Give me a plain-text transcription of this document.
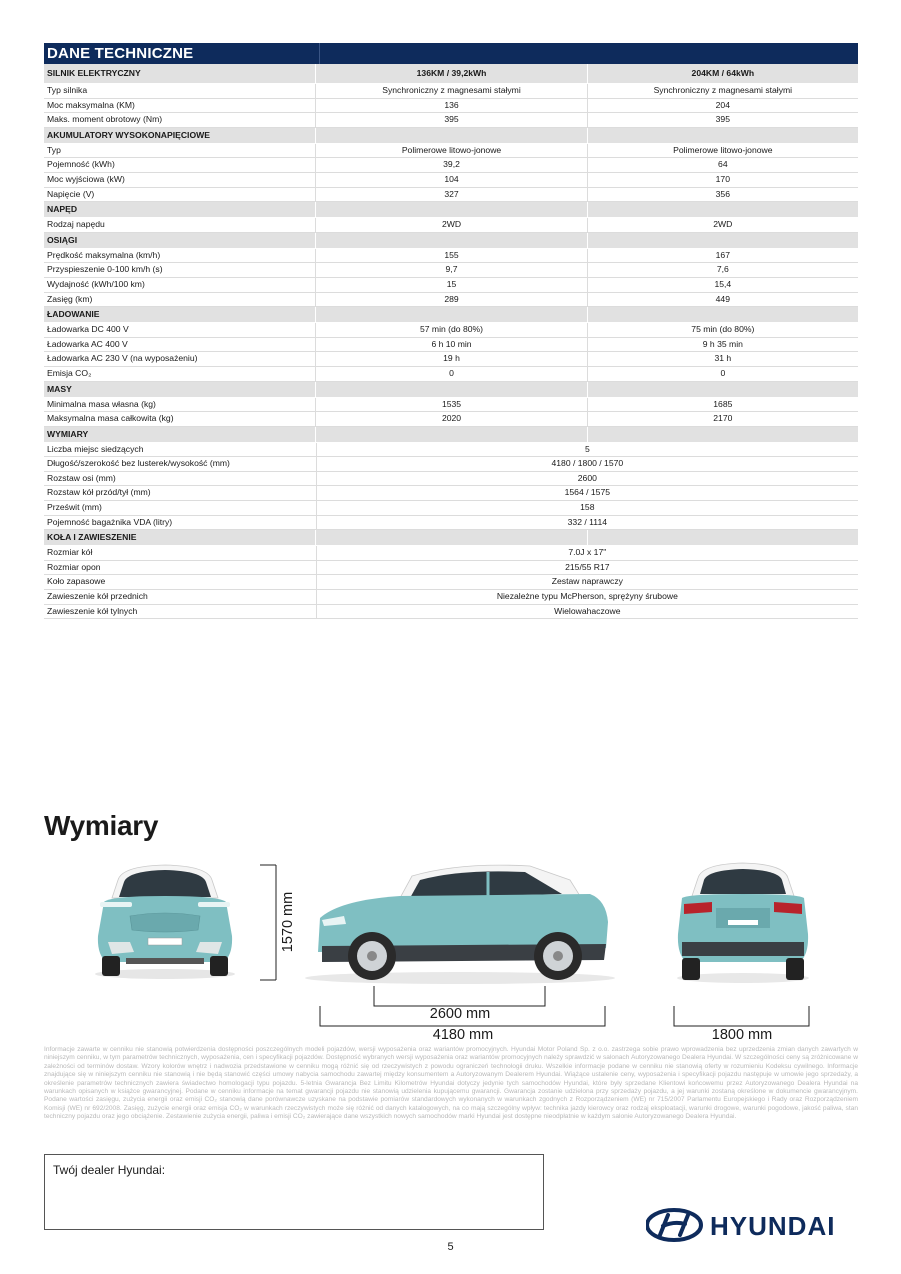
DANE TECHNICZNE
SILNIK ELEKTRYCZNY	136KM / 39,2kWh	204KM / 64kWh
Typ silnika	Synchroniczny z magnesami stałymi	Synchroniczny z magnesami stałymi
Moc maksymalna (KM)	136	204
Maks. moment obrotowy (Nm)	395	395
AKUMULATORY WYSOKONAPIĘCIOWE
Typ	Polimerowe litowo-jonowe	Polimerowe litowo-jonowe
Pojemność (kWh)	39,2	64
Moc wyjściowa (kW)	104	170
Napięcie (V)	327	356
NAPĘD
Rodzaj napędu	2WD	2WD
OSIĄGI
Prędkość maksymalna (km/h)	155	167
Przyspieszenie 0-100 km/h (s)	9,7	7,6
Wydajność (kWh/100 km)	15	15,4
Zasięg (km)	289	449
ŁADOWANIE
Ładowarka DC 400 V	57 min (do 80%)	75 min (do 80%)
Ładowarka AC 400 V	6 h 10 min	9 h 35 min
Ładowarka AC 230 V (na wyposażeniu)	19 h	31 h
Emisja CO₂	0	0
MASY
Minimalna masa własna (kg)	1535	1685
Maksymalna masa całkowita (kg)	2020	2170
WYMIARY
Liczba miejsc siedzących	5
Długość/szerokość bez lusterek/wysokość (mm)	4180 / 1800 / 1570
Rozstaw osi (mm)	2600
Rozstaw kół przód/tył (mm)	1564 / 1575
Prześwit (mm)	158
Pojemność bagażnika VDA (litry)	332 / 1114
KOŁA I ZAWIESZENIE
Rozmiar kół	7.0J x 17"
Rozmiar opon	215/55 R17
Koło zapasowe	Zestaw naprawczy
Zawieszenie kół przednich	Niezależne typu McPherson, sprężyny śrubowe
Zawieszenie kół tylnych	Wielowahaczowe
Wymiary
1570 mm
2600 mm
4180 mm	1800 mm
Informacje zawarte w cenniku nie stanowią potwierdzenia dostępności poszczególnych modeli pojazdów, wersji wyposażenia oraz wariantów promocyjnych. Hyundai Motor Poland Sp. z o.o. zastrzega sobie prawo wprowadzenia bez uprzedzenia zmian danych zawartych w niniejszym cenniku, w tym parametrów technicznych, wyposażenia, cen i specyfikacji pojazdów. Dostępność wybranych wersji wyposażenia oraz wariantów promocyjnych należy sprawdzić w salonach Autoryzowanego Dealera Hyundai. W szczególności ceny są zróżnicowane w zależności od terminów dostaw. Wzory kolorów wnętrz i nadwozia przedstawione w cenniku mogą różnić się od rzeczywistych z powodu ograniczeń technologii druku. Wszelkie informacje podane w cenniku nie stanowią oferty w rozumieniu Kodeksu cywilnego. Informacje znajdujące się w niniejszym cenniku nie stanowią i nie będą stanowić części umowy nabycia samochodu zawartej między konsumentem a Autoryzowanym Dealerem Hyundai. Wiążące ustalenie ceny, wyposażenia i specyfikacji pojazdu następuje w umowie jego sprzedaży, a określenie parametrów technicznych zawiera świadectwo homologacji typu pojazdu. 5-letnia Gwarancja Bez Limitu Kilometrów Hyundai dotyczy jedynie tych samochodów Hyundai, które były sprzedane Klientowi końcowemu przez Autoryzowanego Dealera Hyundai na warunkach opisanych w książce gwarancyjnej. Podane w cenniku informacje na temat gwarancji pojazdu nie stanowią udzielenia kupującemu gwarancji. Gwarancja zostanie udzielona przy sprzedaży pojazdu, a jej warunki zostaną określone w dokumencie gwarancyjnym. Podane wartości zasięgu, zużycia energii oraz emisji CO₂ stanowią dane porównawcze uzyskane na podstawie pomiarów standardowych wykonanych w warunkach zgodnych z Rozporządzeniem (WE) nr 715/2007 Parlamentu Europejskiego i Rady oraz Rozporządzeniem Komisji (WE) nr 692/2008. Zasięg, zużycie energii oraz emisja CO₂ w warunkach rzeczywistych może się różnić od danych katalogowych, na co mają szczególny wpływ: technika jazdy kierowcy oraz rodzaj eksploatacji, warunki drogowe, warunki pogodowe, jakość paliwa, stan techniczny pojazdu oraz jego obciążenie. Zestawienie zużycia energii, paliwa i emisji CO₂ zawierające dane wszystkich nowych samochodów marki Hyundai jest dostępne nieodpłatnie w każdym salonie Autoryzowanego Dealera Hyundai.
Twój dealer Hyundai:
HYUNDAI
5
